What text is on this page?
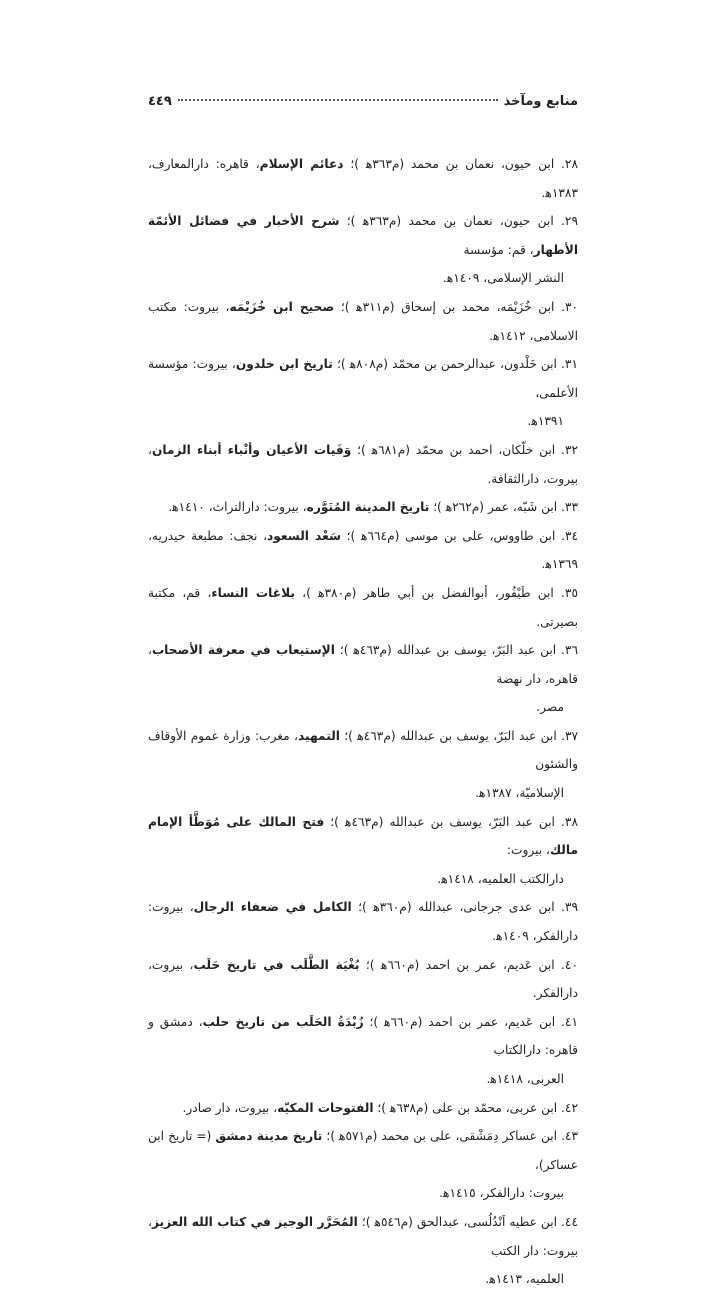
منابع ومآخذ
٤٤٩
٢٨. ابن حیون، نعمان بن محمد (م٣٦٣ه‍ )؛ دعائم الإسلام، قاهره: دارالمعارف، ١٣٨٣ه‍.
٢٩. ابن حیون، نعمان بن محمد (م٣٦٣ه‍ )؛ شرح الأخبار في فضائل الأئمّة الأطهار، قم: مؤسسة
النشر الإسلامی، ١٤٠٩ه‍.
٣٠. ابن خُزَیْمَه، محمد بن إسحاق (م٣١١ه‍ )؛ صحیح ابن خُزَیْمَه، بیروت: مکتب الاسلامی، ١٤١٢ه‍.
٣١. ابن خَلْدون، عبدالرحمن بن محمّد (م٨٠٨ه‍ )؛ تاریخ ابن خلدون، بیروت: مؤسسة الأعلمی،
١٣٩١ه‍.
٣٢. ابن خلّکان، احمد بن محمّد (م٦٨١ه‍ )؛ وَفَیات الأعیان وأنْباء أبناء الزمان، بیروت، دارالثقافة.
٣٣. ابن شَبّه، عمر (م٢٦٢ه‍ )؛ تاریخ المدینة المُنَوَّره، بیروت: دارالتراث، ١٤١٠ه‍.
٣٤. ابن طاووس، علی بن موسی (م٦٦٤ه‍ )؛ سَعْد السعود، نجف: مطبعة حیدریه، ١٣٦٩ه‍.
٣٥. ابن طَیْفُور، أبوالفضل بن أبي طاهر (م٣٨٠ه‍ )، بلاغات النساء، قم، مکتبة بصیرتی.
٣٦. ابن عبد البَرّ، یوسف بن عبدالله (م٤٦٣ه‍ )؛ الإستیعاب في معرفة الأصحاب، قاهره، دار نهضة
مصر.
٣٧. ابن عبد البَرّ، یوسف بن عبدالله (م٤٦٣ه‍ )؛ التمهید، مغرب: وزارة عموم الأوقاف والشئون
الإسلامیّة، ١٣٨٧ه‍.
٣٨. ابن عبد البَرّ، یوسف بن عبدالله (م٤٦٣ه‍ )؛ فتح المالك علی مُوَطَّأ الإمام مالك، بیروت:
دارالکتب العلمیه، ١٤١٨ه‍.
٣٩. ابن عدی جرجانی، عبدالله (م٣٦٠ه‍ )؛ الکامل في ضعفاء الرجال، بیروت: دارالفکر، ١٤٠٩ه‍.
٤٠. ابن عَدیم، عمر بن احمد (م٦٦٠ه‍ )؛ بُغْیَة الطَّلَب في تاریخ حَلَب، بیروت، دارالفکر.
٤١. ابن عَدیم، عمر بن احمد (م٦٦٠ه‍ )؛ زُبْدَةُ الحَلَب من تاریخ حلب، دمشق و قاهره: دارالکتاب
العربی، ١٤١٨ه‍.
٤٢. ابن عربی، محمّد بن علی (م٦٣٨ه‍ )؛ الفتوحات المکیّه، بیروت، دار صادر.
٤٣. ابن عساکر دِمَشْقی، علی بن محمد (م٥٧١ه‍ )؛ تاریخ مدینة دمشق (= تاریخ ابن عساکر)،
بیروت: دارالفکر، ١٤١٥ه‍.
٤٤. ابن عطیه اَنْدُلُسی، عبدالحق (م٥٤٦ه‍ )؛ المُحَرَّر الوجیز في کتاب الله العزیز، بیروت: دار الکتب
العلمیه، ١٤١٣ه‍.
